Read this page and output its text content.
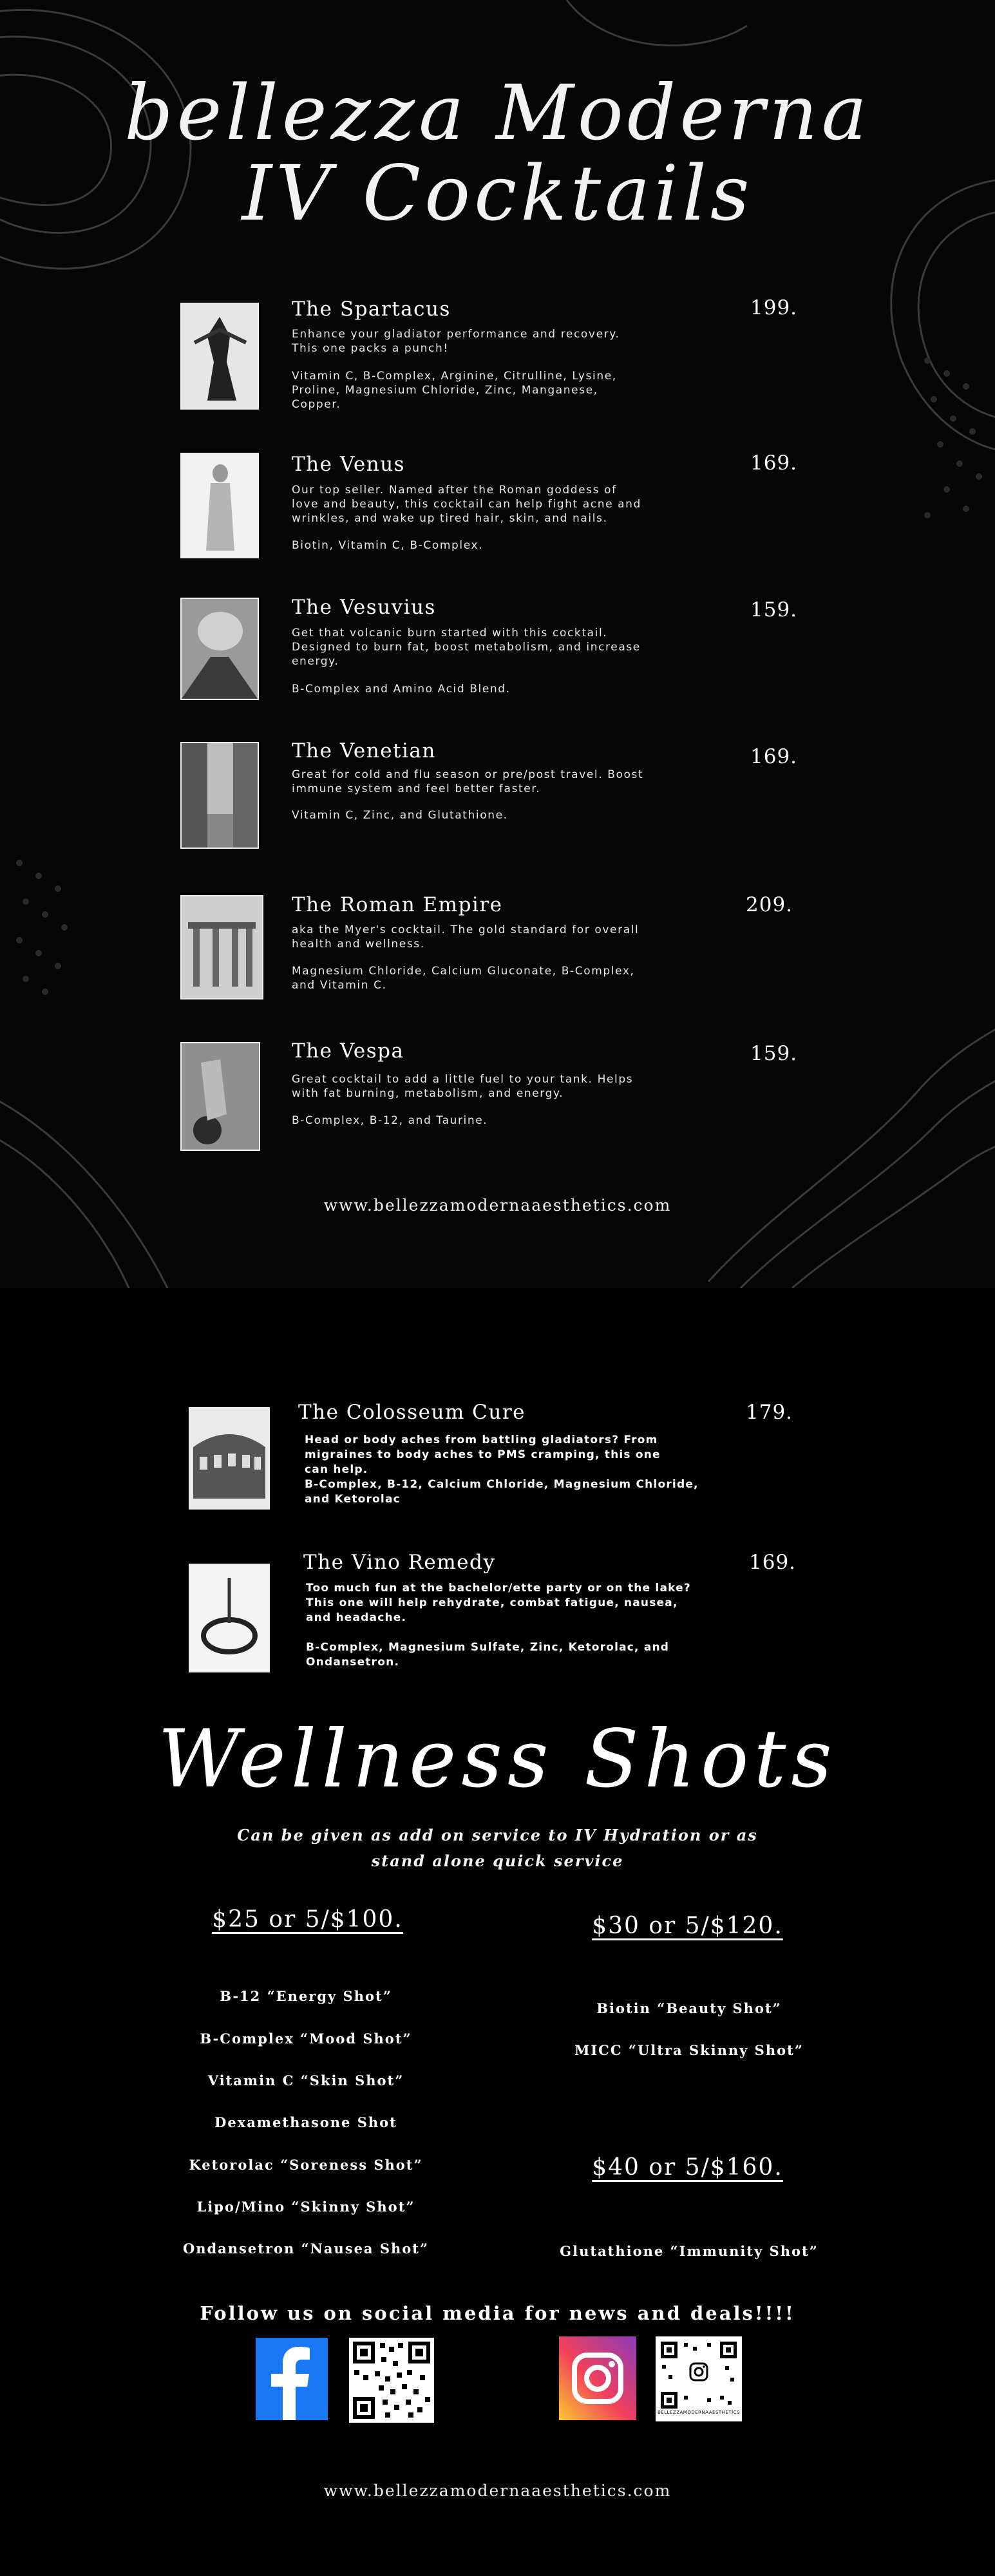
bellezza Moderna
IV Cocktails
The Spartacus	199.
Enhance your gladiator performance and recovery.
This one packs a punch!
Vitamin C, B-Complex, Arginine, Citrulline, Lysine,
Proline, Magnesium Chloride, Zinc, Manganese,
Copper.
The Venus	169.
Our top seller. Named after the Roman goddess of
love and beauty, this cocktail can help fight acne and
wrinkles, and wake up tired hair, skin, and nails.
Biotin, Vitamin C, B-Complex.
The Vesuvius	159.
Get that volcanic burn started with this cocktail.
Designed to burn fat, boost metabolism, and increase
energy.
B-Complex and Amino Acid Blend.
The Venetian	169.
Great for cold and flu season or pre/post travel. Boost
immune system and feel better faster.
Vitamin C, Zinc, and Glutathione.
The Roman Empire	209.
aka the Myer's cocktail. The gold standard for overall
health and wellness.
Magnesium Chloride, Calcium Gluconate, B-Complex,
and Vitamin C.
The Vespa	159.
Great cocktail to add a little fuel to your tank. Helps
with fat burning, metabolism, and energy.
B-Complex, B-12, and Taurine.
www.bellezzamodernaaesthetics.com
The Colosseum Cure	179.
Head or body aches from battling gladiators? From
migraines to body aches to PMS cramping, this one
can help.
B-Complex, B-12, Calcium Chloride, Magnesium Chloride,
and Ketorolac
The Vino Remedy	169.
Too much fun at the bachelor/ette party or on the lake?
This one will help rehydrate, combat fatigue, nausea,
and headache.

B-Complex, Magnesium Sulfate, Zinc, Ketorolac, and
Ondansetron.
Wellness Shots
Can be given as add on service to IV Hydration or as
stand alone quick service
$25 or 5/$100.
B-12 “Energy Shot”
B-Complex “Mood Shot”
Vitamin C “Skin Shot”
Dexamethasone Shot
Ketorolac “Soreness Shot”
Lipo/Mino “Skinny Shot”
Ondansetron “Nausea Shot”
$30 or 5/$120.
Biotin “Beauty Shot”
MICC “Ultra Skinny Shot”
$40 or 5/$160.
Glutathione “Immunity Shot”
Follow us on social media for news and deals!!!!
BELLEZZAMODERNAAESTHETICS
www.bellezzamodernaaesthetics.com
